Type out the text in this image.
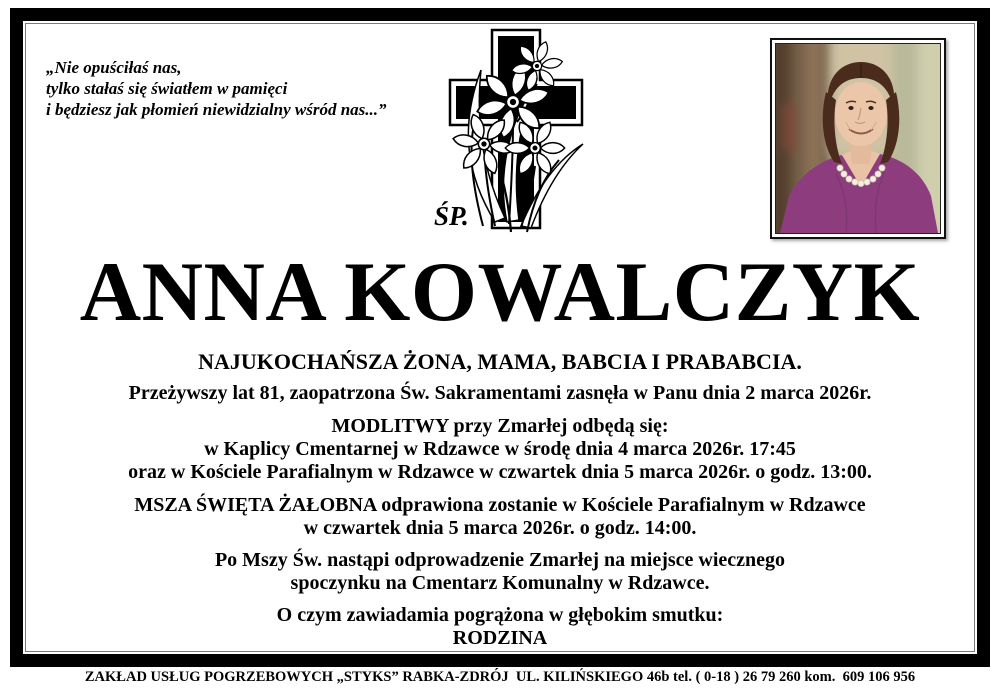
„Nie opuściłaś nas,
tylko stałaś się światłem w pamięci
i będziesz jak płomień niewidzialny wśród nas...”
ŚP.
ANNA KOWALCZYK
NAJUKOCHAŃSZA ŻONA, MAMA, BABCIA I PRABABCIA.
Przeżywszy lat 81, zaopatrzona Św. Sakramentami zasnęła w Panu dnia 2 marca 2026r.
MODLITWY przy Zmarłej odbędą się:
w Kaplicy Cmentarnej w Rdzawce w środę dnia 4 marca 2026r. 17:45
oraz w Kościele Parafialnym w Rdzawce w czwartek dnia 5 marca 2026r. o godz. 13:00.
MSZA ŚWIĘTA ŻAŁOBNA odprawiona zostanie w Kościele Parafialnym w Rdzawce
w czwartek dnia 5 marca 2026r. o godz. 14:00.
Po Mszy Św. nastąpi odprowadzenie Zmarłej na miejsce wiecznego
spoczynku na Cmentarz Komunalny w Rdzawce.
O czym zawiadamia pogrążona w głębokim smutku:
RODZINA
ZAKŁAD USŁUG POGRZEBOWYCH „STYKS” RABKA-ZDRÓJ  UL. KILIŃSKIEGO 46b tel. ( 0-18 ) 26 79 260 kom.  609 106 956
